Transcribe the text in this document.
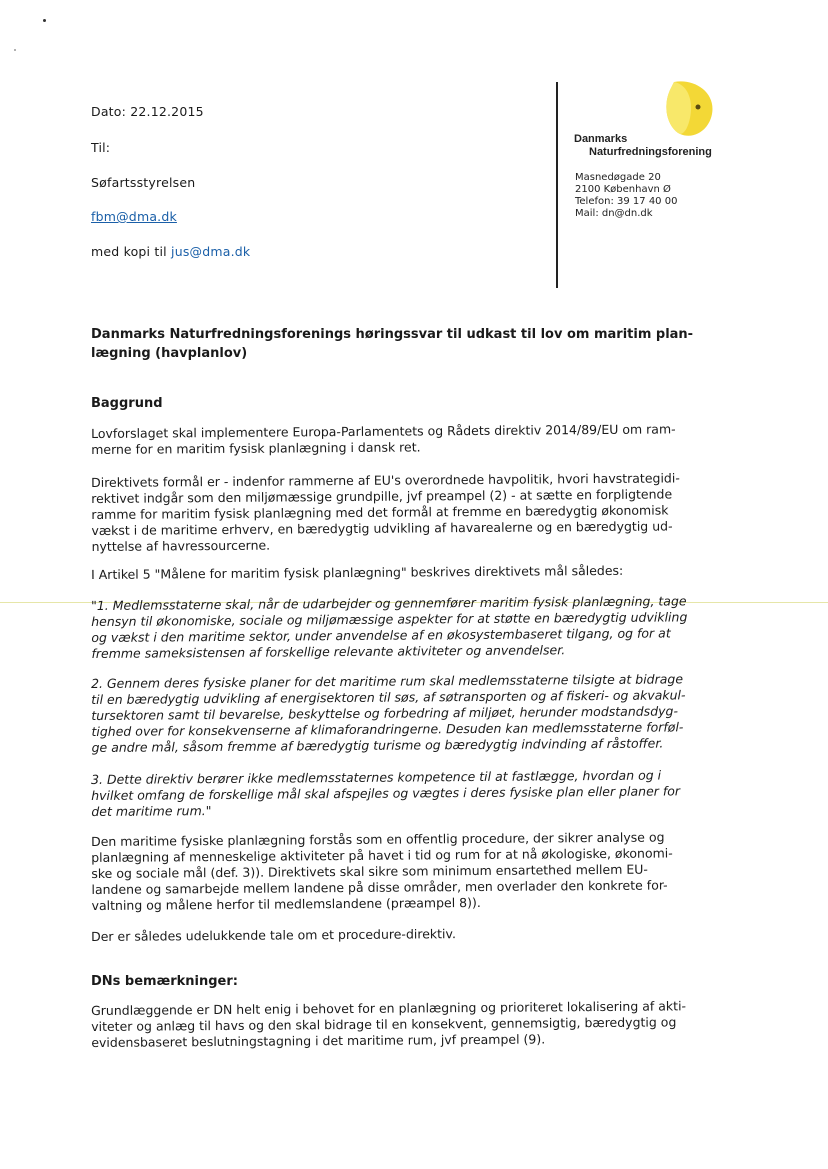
Dato: 22.12.2015
Til:
Søfartsstyrelsen
fbm@dma.dk
med kopi til jus@dma.dk
Danmarks
Naturfredningsforening
Masnedøgade 20
2100 København Ø
Telefon: 39 17 40 00
Mail: dn@dn.dk
Danmarks Naturfredningsforenings høringssvar til udkast til lov om maritim plan-
lægning (havplanlov)
Baggrund
Lovforslaget skal implementere Europa-Parlamentets og Rådets direktiv 2014/89/EU om ram-
merne for en maritim fysisk planlægning i dansk ret.
Direktivets formål er - indenfor rammerne af EU's overordnede havpolitik, hvori havstrategidi-
rektivet indgår som den miljømæssige grundpille, jvf preampel (2) - at sætte en forpligtende
ramme for maritim fysisk planlægning med det formål at fremme en bæredygtig økonomisk
vækst i de maritime erhverv, en bæredygtig udvikling af havarealerne og en bæredygtig ud-
nyttelse af havressourcerne.
I Artikel 5 "Målene for maritim fysisk planlægning" beskrives direktivets mål således:
"1. Medlemsstaterne skal, når de udarbejder og gennemfører maritim fysisk planlægning, tage
hensyn til økonomiske, sociale og miljømæssige aspekter for at støtte en bæredygtig udvikling
og vækst i den maritime sektor, under anvendelse af en økosystembaseret tilgang, og for at
fremme sameksistensen af forskellige relevante aktiviteter og anvendelser.
2. Gennem deres fysiske planer for det maritime rum skal medlemsstaterne tilsigte at bidrage
til en bæredygtig udvikling af energisektoren til søs, af søtransporten og af fiskeri- og akvakul-
tursektoren samt til bevarelse, beskyttelse og forbedring af miljøet, herunder modstandsdyg-
tighed over for konsekvenserne af klimaforandringerne. Desuden kan medlemsstaterne forføl-
ge andre mål, såsom fremme af bæredygtig turisme og bæredygtig indvinding af råstoffer.
3. Dette direktiv berører ikke medlemsstaternes kompetence til at fastlægge, hvordan og i
hvilket omfang de forskellige mål skal afspejles og vægtes i deres fysiske plan eller planer for
det maritime rum."
Den maritime fysiske planlægning forstås som en offentlig procedure, der sikrer analyse og
planlægning af menneskelige aktiviteter på havet i tid og rum for at nå økologiske, økonomi-
ske og sociale mål (def. 3)). Direktivets skal sikre som minimum ensartethed mellem EU-
landene og samarbejde mellem landene på disse områder, men overlader den konkrete for-
valtning og målene herfor til medlemslandene (præampel 8)).
Der er således udelukkende tale om et procedure-direktiv.
DNs bemærkninger:
Grundlæggende er DN helt enig i behovet for en planlægning og prioriteret lokalisering af akti-
viteter og anlæg til havs og den skal bidrage til en konsekvent, gennemsigtig, bæredygtig og
evidensbaseret beslutningstagning i det maritime rum, jvf preampel (9).
